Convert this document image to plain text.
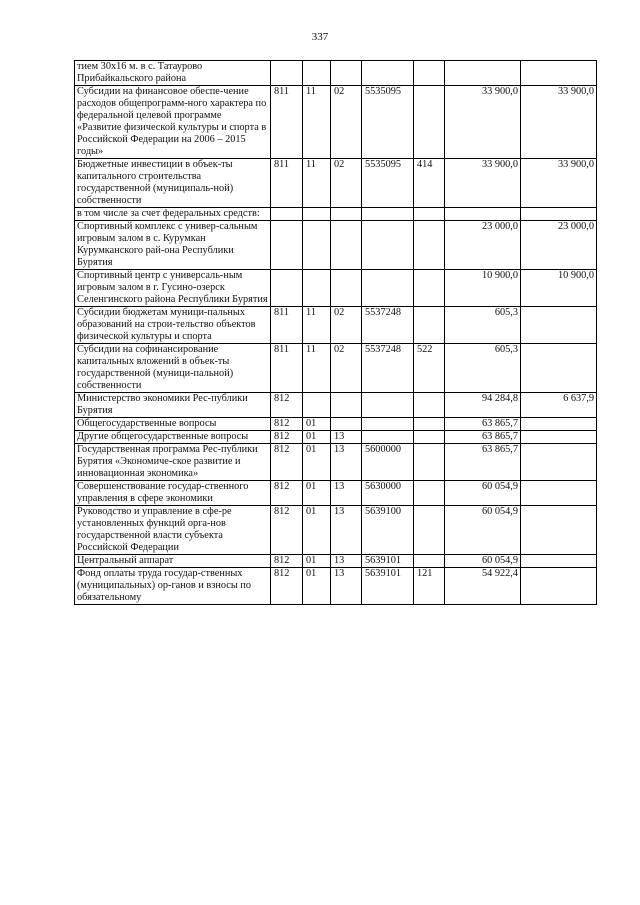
337
тием 30x16 м. в с. Татаурово Прибайкальского района							
Субсидии на финансовое обеспе-чение расходов общепрограмм-ного характера по федеральной целевой программе «Развитие физической культуры и спорта в Российской Федерации на 2006 – 2015 годы»	811	11	02	5535095		33 900,0	33 900,0
Бюджетные инвестиции в объек-ты капитального строительства государственной (муниципаль-ной) собственности	811	11	02	5535095	414	33 900,0	33 900,0
в том числе за счет федеральных средств:							
Спортивный комплекс с универ-сальным игровым залом в с. Курумкан Курумканского рай-она Республики Бурятия						23 000,0	23 000,0
Спортивный центр с универсаль-ным игровым залом в г. Гусино-озерск Селенгинского района Республики Бурятия						10 900,0	10 900,0
Субсидии бюджетам муници-пальных образований на строи-тельство объектов физической культуры и спорта	811	11	02	5537248		605,3	
Субсидии на софинансирование капитальных вложений в объек-ты государственной (муници-пальной) собственности	811	11	02	5537248	522	605,3	
Министерство экономики Рес-публики Бурятия	812					94 284,8	6 637,9
Общегосударственные вопросы	812	01				63 865,7	
Другие общегосударственные вопросы	812	01	13			63 865,7	
Государственная программа Рес-публики Бурятия «Экономиче-ское развитие и инновационная экономика»	812	01	13	5600000		63 865,7	
Совершенствование государ-ственного управления в сфере экономики	812	01	13	5630000		60 054,9	
Руководство и управление в сфе-ре установленных функций орга-нов государственной власти субъекта Российской Федерации	812	01	13	5639100		60 054,9	
Центральный аппарат	812	01	13	5639101		60 054,9	
Фонд оплаты труда государ-ственных (муниципальных) ор-ганов и взносы по обязательному	812	01	13	5639101	121	54 922,4	
